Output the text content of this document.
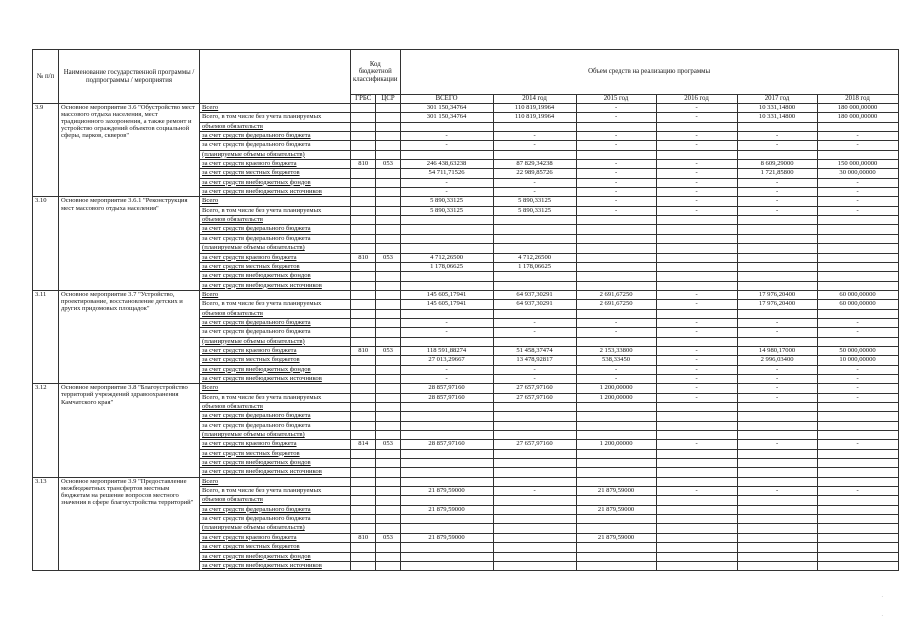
№ п/п	Наименование государственной программы / подпрограммы / мероприятия		Код бюджетной классификации		Объем средств на реализацию программы					
			ГРБС	ЦСР	ВСЕГО	2014 год	2015 год	2016 год	2017 год	2018 год
3.9	Основное мероприятие 3.6 "Обустройство мест массового отдыха населения, мест традиционного захоронения, а также ремонт и устройство ограждений объектов социальной сферы, парков, скверов"	Всего			301 150,34764	110 819,19964	-	-	10 331,14800	180 000,00000
		Всего, в том числе без учета планируемых			301 150,34764	110 819,19964	-	-	10 331,14800	180 000,00000
		объемов обязательств								
		за счет средств федерального бюджета			-	-	-	-	-	-
		за счет средств федерального бюджета			-	-	-	-	-	-
		(планируемые объемы обязательств)								
		за счет средств краевого бюджета	810	053	246 438,63238	87 829,34238	-	-	8 609,29000	150 000,00000
		за счет средств местных бюджетов			54 711,71526	22 989,85726	-	-	1 721,85800	30 000,00000
		за счет средств внебюджетных фондов			-	-	-	-	-	-
		за счет средств внебюджетных источников			-	-	-	-	-	-
3.10	Основное мероприятие 3.6.1 "Реконструкция мест массового отдыха населения"	Всего			5 890,33125	5 890,33125	-	-	-	-
		Всего, в том числе без учета планируемых			5 890,33125	5 890,33125	-	-	-	-
		объемов обязательств								
		за счет средств федерального бюджета								
		за счет средств федерального бюджета								
		(планируемые объемы обязательств)								
		за счет средств краевого бюджета	810	053	4 712,26500	4 712,26500				
		за счет средств местных бюджетов			1 178,06625	1 178,06625				
		за счет средств внебюджетных фондов								
		за счет средств внебюджетных источников								
3.11	Основное мероприятие 3.7 "Устройство, проектирование, восстановление детских и других придомовых площадок"	Всего			145 605,17941	64 937,30291	2 691,67250	-	17 976,20400	60 000,00000
		Всего, в том числе без учета планируемых			145 605,17941	64 937,30291	2 691,67250	-	17 976,20400	60 000,00000
		объемов обязательств								
		за счет средств федерального бюджета			-	-	-	-	-	-
		за счет средств федерального бюджета			-	-	-	-	-	-
		(планируемые объемы обязательств)								
		за счет средств краевого бюджета	810	053	118 591,88274	51 458,37474	2 153,33800	-	14 980,17000	50 000,00000
		за счет средств местных бюджетов			27 013,29667	13 478,92817	538,33450	-	2 996,03400	10 000,00000
		за счет средств внебюджетных фондов			-	-	-	-	-	-
		за счет средств внебюджетных источников			-	-	-	-	-	-
3.12	Основное мероприятие 3.8 "Благоустройство территорий учреждений здравоохранения Камчатского края"	Всего			28 857,97160	27 657,97160	1 200,00000	-	-	-
		Всего, в том числе без учета планируемых			28 857,97160	27 657,97160	1 200,00000	-	-	-
		объемов обязательств								
		за счет средств федерального бюджета								
		за счет средств федерального бюджета								
		(планируемые объемы обязательств)								
		за счет средств краевого бюджета	814	053	28 857,97160	27 657,97160	1 200,00000	-	-	-
		за счет средств местных бюджетов								
		за счет средств внебюджетных фондов								
		за счет средств внебюджетных источников								
3.13	Основное мероприятие 3.9 "Предоставление межбюджетных трансфертов местным бюджетам на решение вопросов местного значения в сфере благоустройства территорий"	Всего								
		Всего, в том числе без учета планируемых			21 879,59000	-	21 879,59000	-	-	-
		объемов обязательств								
		за счет средств федерального бюджета			21 879,59000		21 879,59000			
		за счет средств федерального бюджета								
		(планируемые объемы обязательств)								
		за счет средств краевого бюджета	810	053	21 879,59000		21 879,59000			
		за счет средств местных бюджетов								
		за счет средств внебюджетных фондов								
		за счет средств внебюджетных источников								
·
·
